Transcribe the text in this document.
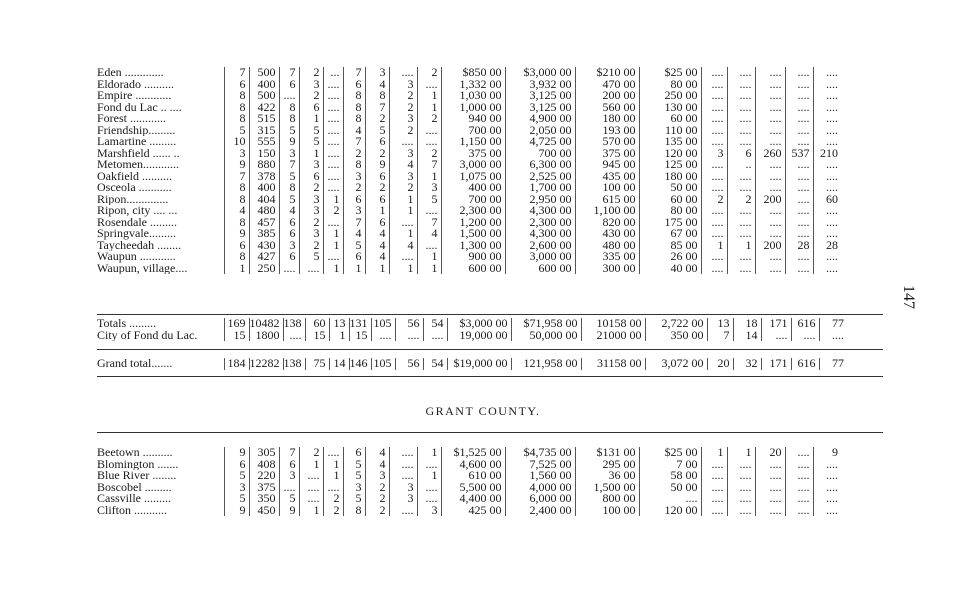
Eden .............	7	500	7	2	...	7	3	....	2	$850 00	$3,000 00	$210 00	$25 00	....	....	....	....	....
Eldorado ..........	6	400	6	3	....	6	4	3	....	1,332 00	3,932 00	470 00	80 00	....	....	....	....	....
Empire ............	8	500	....	2	....	8	8	2	1	1,030 00	3,125 00	200 00	250 00	....	....	....	....	....
Fond du Lac .. ....	8	422	8	6	....	8	7	2	1	1,000 00	3,125 00	560 00	130 00	....	....	....	....	....
Forest ............	8	515	8	1	....	8	2	3	2	940 00	4,900 00	180 00	60 00	....	....	....	....	....
Friendship.........	5	315	5	5	....	4	5	2	....	700 00	2,050 00	193 00	110 00	....	....	....	....	....
Lamartine .........	10	555	9	5	....	7	6	....	....	1,150 00	4,725 00	570 00	135 00	....	....	....	....	....
Marshfield ...... ..	3	150	3	1	....	2	2	3	2	375 00	700 00	375 00	120 00	3	6	260	537	210
Metomen............	9	880	7	3	....	8	9	4	7	3,000 00	6,300 00	945 00	125 00	....	..	....	....	....
Oakfield ..........	7	378	5	6	....	3	6	3	1	1,075 00	2,525 00	435 00	180 00	....	....	....	....	....
Osceola ...........	8	400	8	2	....	2	2	2	3	400 00	1,700 00	100 00	50 00	....	....	....	....	....
Ripon..............	8	404	5	3	1	6	6	1	5	700 00	2,950 00	615 00	60 00	2	2	200	....	60
Ripon, city .... ...	4	480	4	3	2	3	1	1	....	2,300 00	4,300 00	1,100 00	80 00	....	....	....	....	....
Rosendale .........	8	457	6	2	....	7	6	....	7	1,200 00	2,300 00	820 00	175 00	....	....	....	....	....
Springvale.........	9	385	6	3	1	4	4	1	4	1,500 00	4,300 00	430 00	67 00	....	....	....	....	....
Taycheedah ........	6	430	3	2	1	5	4	4	....	1,300 00	2,600 00	480 00	85 00	1	1	200	28	28
Waupun ............	8	427	6	5	....	6	4	....	1	900 00	3,000 00	335 00	26 00	....	....	....	....	....
Waupun, village....	1	250	....	....	1	1	1	1	1	600 00	600 00	300 00	40 00	....	....	....	....	....
Totals .........	169	10482	138	60	13	131	105	56	54	$3,000 00	$71,958 00	10158 00	2,722 00	13	18	171	616	77
City of Fond du Lac.	15	1800	....	15	1	15	....	....	....	19,000 00	50,000 00	21000 00	350 00	7	14	....	....	....
Grand total.......	184	12282	138	75	14	146	105	56	54	$19,000 00	121,958 00	31158 00	3,072 00	20	32	171	616	77
GRANT COUNTY.
Beetown ..........	9	305	7	2	....	6	4	....	1	$1,525 00	$4,735 00	$131 00	$25 00	1	1	20	....	9
Blomington .......	6	408	6	1	1	5	4	....	....	4,600 00	7,525 00	295 00	7 00	....	....	....	....	....
Blue River ........	5	220	3	....	1	5	3	....	1	610 00	1,560 00	36 00	58 00	....	....	....	....	....
Boscobel .........	3	375	....	....	....	3	2	3	....	5,500 00	4,000 00	1,500 00	50 00	....	....	....	....	....
Cassville .........	5	350	5	....	2	5	2	3	....	4,400 00	6,000 00	800 00	....	....	....	....	....	....
Clifton ...........	9	450	9	1	2	8	2	....	3	425 00	2,400 00	100 00	120 00	....	....	....	....	....
147
